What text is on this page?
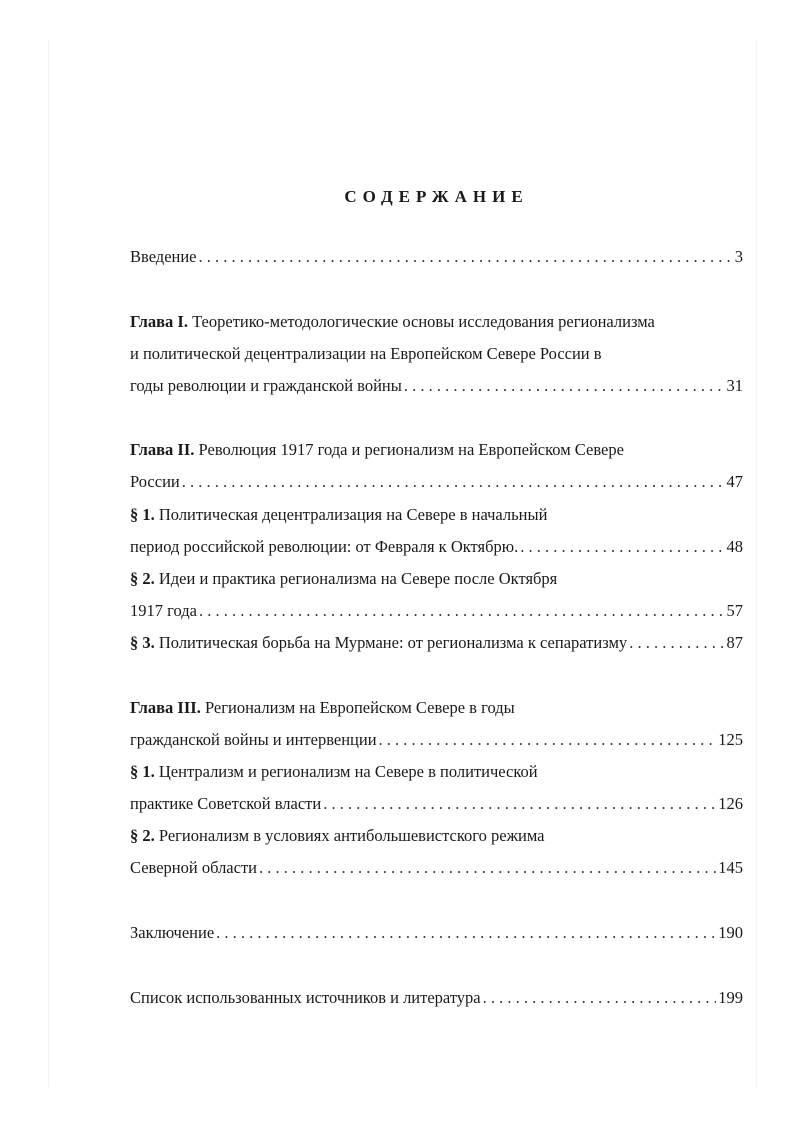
СОДЕРЖАНИЕ
Введение . . .	3
Глава I. Теоретико-методологические основы исследования регионализма
и политической децентрализации на Европейском Севере России в
годы революции и гражданской войны . . .	31
Глава II. Революция 1917 года и регионализм на Европейском Севере
России . . .	47
§ 1. Политическая децентрализация на Севере в начальный
период российской революции: от Февраля к Октябрю. . . .	48
§ 2. Идеи и практика регионализма на Севере после Октября
1917 года . . .	57
§ 3. Политическая борьба на Мурмане: от регионализма к сепаратизму . . .	87
Глава III. Регионализм на Европейском Севере в годы
гражданской войны и интервенции . . .	125
§ 1. Централизм и регионализм на Севере в политической
практике Советской власти . . .	126
§ 2. Регионализм в условиях антибольшевистского режима
Северной области . . .	145
Заключение . . .	190
Список использованных источников и литература . . .	199
